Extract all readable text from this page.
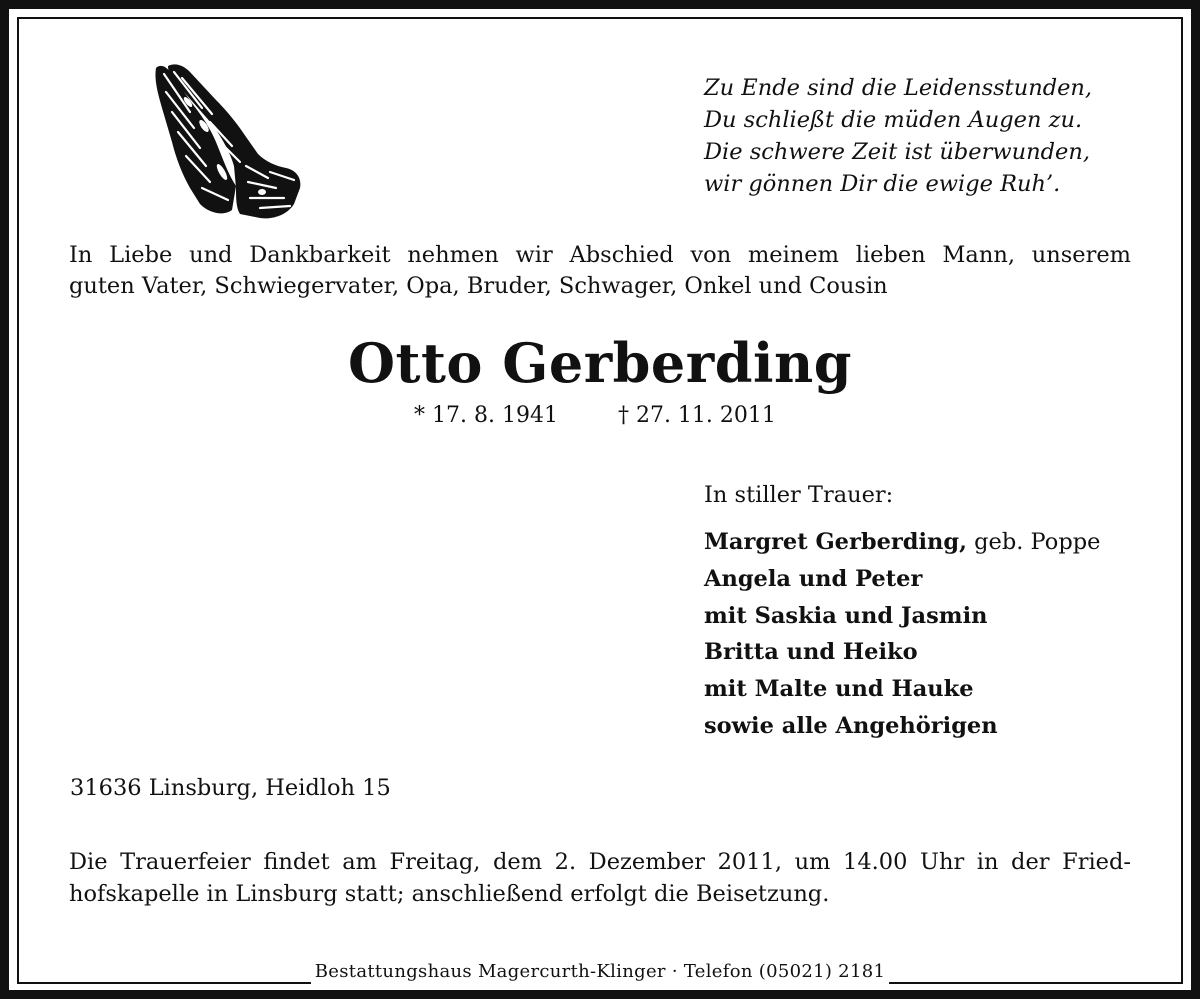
Zu Ende sind die Leidensstunden,
Du schließt die müden Augen zu.
Die schwere Zeit ist überwunden,
wir gönnen Dir die ewige Ruh’.
In Liebe und Dankbarkeit nehmen wir Abschied von meinem lieben Mann, unserem
guten Vater, Schwiegervater, Opa, Bruder, Schwager, Onkel und Cousin
Otto Gerberding
* 17. 8. 1941	† 27. 11. 2011
In stiller Trauer:
Margret Gerberding, geb. Poppe
Angela und Peter
mit Saskia und Jasmin
Britta und Heiko
mit Malte und Hauke
sowie alle Angehörigen
31636 Linsburg, Heidloh 15
Die Trauerfeier findet am Freitag, dem 2. Dezember 2011, um 14.00 Uhr in der Fried-
hofskapelle in Linsburg statt; anschließend erfolgt die Beisetzung.
Bestattungshaus Magercurth-Klinger · Telefon (05021) 2181
